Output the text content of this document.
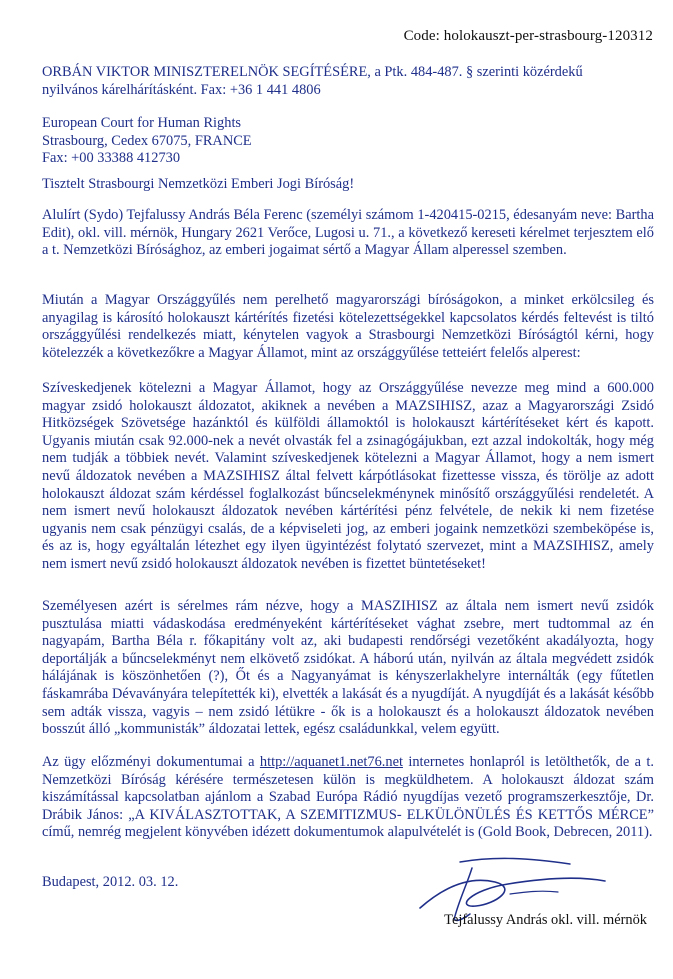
Code: holokauszt-per-strasbourg-120312
ORBÁN VIKTOR MINISZTERELNÖK SEGÍTÉSÉRE, a Ptk. 484-487. § szerinti közérdekű
nyilvános kárelhárításként. Fax: +36 1 441 4806
European Court for Human Rights
Strasbourg, Cedex 67075, FRANCE
Fax: +00 33388 412730
Tisztelt Strasbourgi Nemzetközi Emberi Jogi Bíróság!
Alulírt (Sydo) Tejfalussy András Béla Ferenc (személyi számom 1-420415-0215, édesanyám neve: Bartha Edit), okl. vill. mérnök, Hungary 2621 Verőce, Lugosi u. 71., a következő kereseti kérelmet terjesztem elő a t. Nemzetközi Bírósághoz, az emberi jogaimat sértő a Magyar Állam alperessel szemben.
Miután a Magyar Országgyűlés nem perelhető magyarországi bíróságokon, a minket erkölcsileg és anyagilag is károsító holokauszt kártérítés fizetési kötelezettségekkel kapcsolatos kérdés feltevést is tiltó országgyűlési rendelkezés miatt, kénytelen vagyok a Strasbourgi Nemzetközi Bíróságtól kérni, hogy kötelezzék a következőkre a Magyar Államot, mint az országgyűlése tetteiért felelős alperest:
Szíveskedjenek kötelezni a Magyar Államot, hogy az Országgyűlése nevezze meg mind a 600.000 magyar zsidó holokauszt áldozatot, akiknek a nevében a MAZSIHISZ, azaz a Magyarországi Zsidó Hitközségek Szövetsége hazánktól és külföldi államoktól is holokauszt kártérítéseket kért és kapott. Ugyanis miután csak 92.000-nek a nevét olvasták fel a zsinagógájukban, ezt azzal indokolták, hogy még nem tudják a többiek nevét. Valamint szíveskedjenek kötelezni a Magyar Államot, hogy a nem ismert nevű áldozatok nevében a MAZSIHISZ által felvett kárpótlásokat fizettesse vissza, és törölje az adott holokauszt áldozat szám kérdéssel foglalkozást bűncselekménynek minősítő országgyűlési rendeletét. A nem ismert nevű holokauszt áldozatok nevében kártérítési pénz felvétele, de nekik ki nem fizetése ugyanis nem csak pénzügyi csalás, de a képviseleti jog, az emberi jogaink nemzetközi szembeköpése is, és az is, hogy egyáltalán létezhet egy ilyen ügyintézést folytató szervezet, mint a MAZSIHISZ, amely nem ismert nevű zsidó holokauszt áldozatok nevében is fizettet büntetéseket!
Személyesen azért is sérelmes rám nézve, hogy a MASZIHISZ az általa nem ismert nevű zsidók pusztulása miatti vádaskodása eredményeként kártérítéseket vághat zsebre, mert tudtommal az én nagyapám, Bartha Béla r. főkapitány volt az, aki budapesti rendőrségi vezetőként akadályozta, hogy deportálják a bűncselekményt nem elkövető zsidókat. A háború után, nyilván az általa megvédett zsidók hálájának is köszönhetően (?), Őt és a Nagyanyámat is kényszerlakhelyre internálták (egy fűtetlen fáskamrába Dévaványára telepítették ki), elvették a lakását és a nyugdíját. A nyugdíját és a lakását később sem adták vissza, vagyis – nem zsidó létükre - ők is a holokauszt és a holokauszt áldozatok nevében bosszút álló „kommunisták” áldozatai lettek, egész családunkkal, velem együtt.
Az ügy előzményi dokumentumai a http://aquanet1.net76.net internetes honlapról is letölthetők, de a t. Nemzetközi Bíróság kérésére természetesen külön is megküldhetem. A holokauszt áldozat szám kiszámítással kapcsolatban ajánlom a Szabad Európa Rádió nyugdíjas vezető programszerkesztője, Dr. Drábik János: „A KIVÁLASZTOTTAK, A SZEMITIZMUS- ELKÜLÖNÜLÉS ÉS KETTŐS MÉRCE” című, nemrég megjelent könyvében idézett dokumentumok alapulvételét is (Gold Book, Debrecen, 2011).
Budapest, 2012. 03. 12.
Tejfalussy András okl. vill. mérnök
